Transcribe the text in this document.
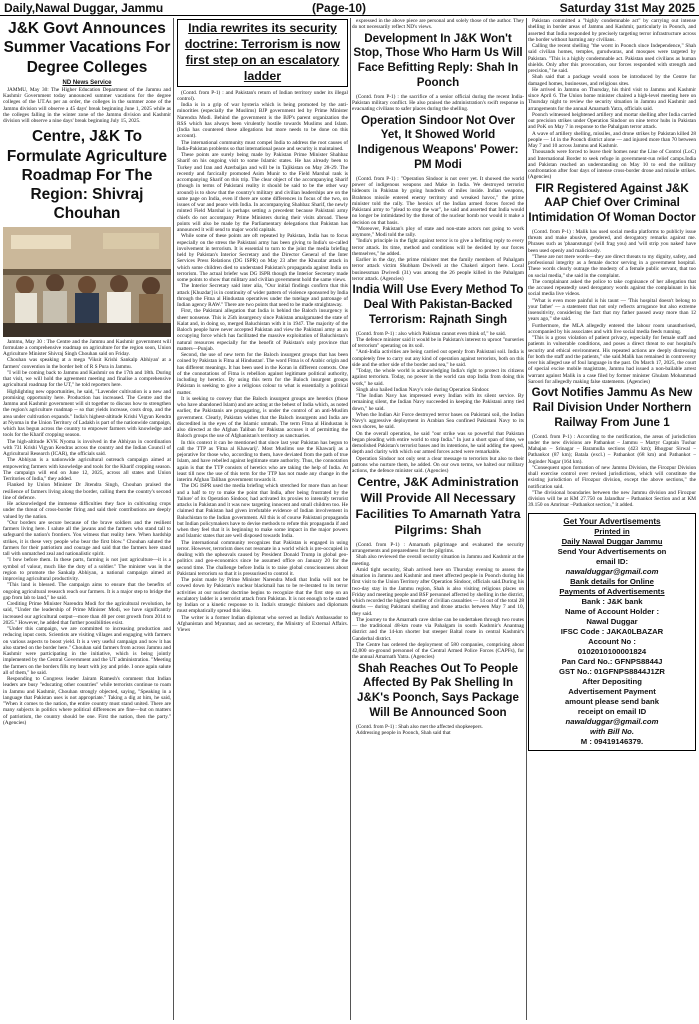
Daily,Nawal Duggar, Jammu	(Page-10)	Saturday 31st May 2025
J&K Govt Announces Summer Vacations For Degree Colleges
ND News Service

JAMMU, May 30: The Higher Education Department of the Jammu and Kashmir Government today announced summer vacations for the degree colleges of the UT.As per an order, the colleges in the summer zone of the Jammu division will observe a 45 days' break beginning June 1, 2025 while as the colleges falling in the winter zone of the Jammu division and Kashmir division will observe a nine days' break beginning July 15, 2025.

Centre, J&K To Formulate Agriculture Roadmap For The Region: Shivraj Chouhan

Jammu, May 30 : The Centre and the Jammu and Kashmir government will formulate a comprehensive roadmap on agriculture for the region soon, Union Agriculture Minister Shivraj Singh Chouhan said on Friday.

Chouhan was speaking at a mega 'Viksit Krishi Sankalp Abhiyan' at a farmers' convention in the border belt of R S Pura in Jammu.

"I will be coming back to Jammu and Kashmir on the 17th and 18th. During that visit, we will hold the agreement meeting and finalise a comprehensive agricultural roadmap for the UT," he told reporters here.

Highlighting new opportunities, he said, "Lavender cultivation is a new and promising opportunity here. Production has increased. The Centre and the Jammu and Kashmir government will sit together to discuss how to strengthen the region's agriculture roadmap -- so that yields increase, costs drop, and the area under cultivation expands." India's highest-altitude Krishi Vigyan Kendra at Nyoma in the Union Territory of Ladakh is part of the nationwide campaign, which has begun across the country to empower farmers with knowledge and tools for the Kharif cropping season.

The high-altitude KVK Nyoma is involved in the Abhiyan in coordination with 731 Krishi Vigyan Kendras across the country and the Indian Council of Agricultural Research (ICAR), the officials said.

The Abhiyan is a nationwide agricultural outreach campaign aimed at empowering farmers with knowledge and tools for the Kharif cropping season. The campaign will end on June 12, 2025, across all states and Union Territories of India," they added.

Flanked by Union Minister Dr Jitendra Singh, Chouhan praised the resilience of farmers living along the border, calling them the country's second line of defence.

He acknowledged the immense difficulties they face in cultivating crops under the threat of cross-border firing and said their contributions are deeply valued by the nation.

"Our borders are secure because of the brave soldiers and the resilient farmers living here. I salute all the jawans and the farmers who stand tall to safeguard the nation's frontiers. You witness that reality here. When hardship strikes, it is these very people who bear the first blow." Chouhan saluted the farmers for their patriotism and courage and said that the farmers here stand tall with unmatched zeal and nationalistic spirit.

"I bow before them. In these parts, farming is not just agriculture—it is a symbol of valour, much like the duty of a soldier." The minister was in the region to promote the Sankalp Abhiyan, a national campaign aimed at improving agricultural productivity.

"This land is blessed. The campaign aims to ensure that the benefits of ongoing agricultural research reach our farmers. It is a major step to bridge the gap from lab to land," he said.

Crediting Prime Minister Narendra Modi for the agricultural revolution, he said, "Under the leadership of Prime Minister Modi, we have significantly increased our agricultural output—more than 40 per cent growth from 2014 to 2025." However, he added that further possibilities exist.

"Under this campaign, we are committed to increasing production and reducing input costs. Scientists are visiting villages and engaging with farmers on various aspects to boost yield. It is a very useful campaign and now it has also started on the border here." Chouhan said farmers from across Jammu and Kashmir were participating in the initiative, which is being jointly implemented by the Central Government and the UT administration. "Meeting the farmers on the borders fills my heart with joy and pride. I once again salute all of them," he said.

Responding to Congress leader Jairam Ramesh's comment that Indian leaders are busy "educating other countries" while terrorists continue to roam in Jammu and Kashmir, Chouhan strongly objected, saying, "Speaking in a language that Pakistan uses is not appropriate." Taking a dig at him, he said, "When it comes to the nation, the entire country must stand united. There are many subjects in politics where political differences are fine—but on matters of patriotism, the country should be one. First the nation, then the party." (Agencies)

India rewrites its security doctrine: Terrorism is now first step on an escalatory ladder

(Contd. from P-1) : and Pakistan's return of Indian territory under its illegal control).

India is in a grip of war hysteria which is being promoted by the anti-minorities (especially the Muslims) BJP government led by Prime Minister Narendra Modi. Behind the government is the BJP's parent organization the RSS which has always been virulently hostile towards Muslims and Islam. (India has countered these allegations but more needs to be done on this account).

The international community must compel India to address the root causes of India-Pakistan problems so that international peace and security is maintained.

These points are surely being made by Pakistan Prime Minister Shahbaz Sharif on his ongoing visit to some Islamic states. He has already been to Turkey and Iran and Azerbaijan and will be in Tajikistan on May 28-29. The recently and farcically promoted Asim Munir to the Field Marshal rank is accompanying Sharif on this trip. The clear object of the accompanying Sharif (though in terms of Pakistani reality it should be said to be the other way around) is to show that the country's military and civilian leaderships are on the same page on India, even if there are some differences in focus of the two, on issues of war and peace with India. In accompanying Shahbaz Sharif, the newly minted Field Marshal is perhaps setting a precedent because Pakistani army chiefs do not accompany Prime Ministers during their visits abroad. These points will also be made by the Parliamentary delegations that Pakistan has announced it will send to major world capitals.

While some of these points are oft repeated by Pakistan, India has to focus especially on the stress the Pakistani army has been giving to India's so-called involvement in terrorism. It is essential to turn to the joint the media briefing held by Pakistan's Interior Secretary and the Director General of the Inter Services Press Relations (DG ISPR) on May 23 after the Khuzdar attack in which some children died to understand Pakistan's propaganda against India on terrorism. The actual briefer was DG ISPR though the Interior Secretary made some points to show that military and civilian government hold the same views.

The Interior Secretary said inter alia, "Our initial findings confirm that this attack [Khuzdar] is in continuity of wider pattern of violence sponsored by India through the Fitna al Hindustan operatives under the tutelage and patronage of Indian agency RAW." There are two points that need to be made straightaway.

First, the Pakistani allegation that India is behind the Baloch insurgency is sheer nonsense. This is 25th insurgency since Pakistan amalgamated the state of Kalat and, in doing so, merged Baluchistan with it in 1947. The majority of the Baloch people have never accepted Pakistan and view the Pakistani army as an occupying force which has facilitated the massive exploitation of Baluchistan's natural resources especially for the benefit of Pakistan's only province that matters—Punjab.

Second, the use of new term for the Baloch insurgent groups that has been coined by Pakistan is Fitna al Hindustan'. The word Fitna is of Arabic origin and has different meanings. It has been used in the Koran in different contexts. One of the connotations of Fitna is rebellion against legitimate political authority, including by heretics. By using this term for the Baloch insurgent groups Pakistan is seeking to give a religious colour to what is essentially a political matter.

It is seeking to convey that the Baloch insurgent groups are heretics (those who have abandoned Islam) and are acting at the behest of India which, as noted earlier, the Pakistanis are propagating, is under the control of an anti-Muslim government. Clearly, Pakistan wishes that the Baloch insurgents and India are discredited in the eyes of the Islamic ummah. The term Fitna al Hindustan is also directed at the Afghan Taliban for Pakistan accuses it of permitting the Baloch groups the use of Afghanistan's territory as sanctuaries.

In this context it can be mentioned that since last year Pakistan has begun to call the TTP as 'Fitna al Khawarij'. Most Muslims use the Khawarij as a pejorative for those who, according to them, have deviated from the path of true Islam, and have rebelled against legitimate state authority. Thus, the connotation again is that the TTP consists of heretics who are taking the help of India. At least till now the use of this term for the TTP has not made any change in the interim Afghan Taliban government towards it.

The DG ISPR used the media briefing which stretched for more than an hour and a half to try to make the point that India, after being frustrated by the 'failure' of its Operation Sindoor, had activated its proxies to intensify terrorist attacks in Pakistan and it was now targeting innocent and small children too. He claimed that Pakistan had given irrefutable evidence of Indian involvement in Baluchistan to the Indian government. All this is of course Pakistani propaganda but Indian policymakers have to devise methods to refute this propaganda if and when they feel that it is beginning to make some impact in the major powers and Islamic states that are well disposed towards India.

The international community recognizes that Pakistan is engaged in using terror. However, terrorism does not resonate in a world which is pre-occupied in dealing with the upheavals caused by President Donald Trump in global geo-politics and geo-economics since he assumed office on January 20 for the second time. The challenge before India is to raise global consciousness about Pakistani terrorism so that it is pressurised to control it.

The point made by Prime Minister Narendra Modi that India will not be cowed down by Pakistan's nuclear blackmail has to be re-iterated to its terror activities at our nuclear doctrine begins to recognize that the first step on an escalatory ladder is a terrorist attack from Pakistan. It is not enough to be stated by Indian or a kinetic response to it. India's strategic thinkers and diplomats must emphatically spread this idea.

The writer is a former Indian diplomat who served as India's Ambassador to Afghanistan and Myanmar, and as secretary, the Ministry of External Affairs. Views

expressed in the above piece are personal and solely those of the author. They do not necessarily reflect ND's views.

Development In J&K Won't Stop, Those Who Harm Us Will Face Befitting Reply: Shah In Poonch

(Contd. from P-1) : the sacrifice of a senior official during the recent India-Pakistan military conflict. He also praised the administration's swift response in evacuating civilians to safer places during the shelling.

Operation Sindoor Not Over Yet, It Showed World Indigenous Weapons' Power: PM Modi

(Contd. from P-1) : "Operation Sindoor is not over yet. It showed the world power of indigenous weapons and Make in India. We destroyed terrorist hideouts in Pakistan by going hundreds of miles inside. Indian weapons, Brahmos missile entered enemy territory and wreaked havoc," the prime minister told the rally. The heroics of the Indian armed forces forced the Pakistani army to "plead to stop the war", he said and asserted that India would no longer be intimidated by the threat of the nuclear bomb nor would it make a decision on that basis.

"Moreover, Pakistan's ploy of state and non-state actors not going to work anymore," Modi told the rally.

"India's principle in the fight against terror is to give a befitting reply to every terror attack. Its time, method and conditions will be decided by our forces themselves," he added.

Earlier in the day, the prime minister met the family members of Pahalgam terror attack victim Shubham Dwivedi at the Chakeri airport here. Local businessman Dwivedi (31) was among the 26 people killed in the Pahalgam terror attack. (Agencies)

India Will Use Every Method To Deal With Pakistan-Backed Terrorism: Rajnath Singh

(Contd. from P-1) : also which Pakistan cannot even think of," he said.

The defence minister said it would be in Pakistan's interest to uproot "nurseries of terrorism" operating on its soil.

"Anti-India activities are being carried out openly from Pakistani soil. India is completely free to carry out any kind of operation against terrorists, both on this side and the other side of the border and sea," he said.

"Today, the whole world is acknowledging India's right to protect its citizens against terrorism. Today, no power in the world can stop India from doing this work," he said.

Singh also hailed Indian Navy's role during Operation Sindoor.

"The Indian Navy has impressed every Indian with its silent service. By remaining silent, the Indian Navy succeeded in keeping the Pakistani army tied down," he said.

When the Indian Air Force destroyed terror bases on Pakistani soil, the Indian Navy's aggressive deployment in Arabian Sea confined Pakistani Navy to its own shores, he said.

On the overall operation, he said "our strike was so powerful that Pakistan began pleading with entire world to stop India." In just a short span of time, we demolished Pakistan's terrorist bases and its intentions, he said adding the speed, depth and clarity with which our armed forces acted were remarkable.

Operation Sindoor not only sent a clear message to terrorists but also to their patrons who nurture them, he added. On our own terms, we halted our military actions, the defence minister said. (Agencies)

Centre, J&K Administration Will Provide All Necessary Facilities To Amarnath Yatra Pilgrims: Shah

(Contd. from P-1) : Amarnath pilgrimage and evaluated the security arrangements and preparedness for the pilgrims.

Shah also reviewed the overall security situation in Jammu and Kashmir at the meeting.

Amid tight security, Shah arrived here on Thursday evening to assess the situation in Jammu and Kashmir and meet affected people in Poonch during his first visit to the Union Territory after Operation Sindoor, officials said.During his two-day stay in the Jammu region, Shah is also visiting religious places on Friday and meeting people and BSF personnel affected by shelling in the district, which recorded the highest number of civilian casualties — 14 out of the total 28 deaths — during Pakistani shelling and drone attacks between May 7 and 10, they said.

The journey to the Amarnath cave shrine can be undertaken through two routes — the traditional 48-km route via Pahalgam in south Kashmir's Anantnag district and the 14-km shorter but steeper Baltal route in central Kashmir's Ganderbal district.

The Centre has ordered the deployment of 580 companies, comprising about 42,000 on-ground personnel of the Central Armed Police Forces (CAPFs), for the annual Amarnath Yatra. (Agencies)

Shah Reaches Out To People Affected By Pak Shelling In J&K's Poonch, Says Package Will Be Announced Soon

(Contd. from P-1) : Shah also met the affected shopkeepers.

Addressing people in Poonch, Shah said that

Pakistan committed a "highly condemnable act" by carrying out intense shelling in border areas of Jammu and Kashmir, particularly in Poonch, and asserted that India responded by precisely targeting terror infrastructure across the border without harming any civilians.

Calling the recent shelling "the worst in Poonch since Independence," Shah said civilian homes, temples, gurudwaras, and mosques were targeted by Pakistan. "This is a highly condemnable act. Pakistan used civilians as human shields. Only after this provocation, our forces responded with strength and precision," he said.

Shah said that a package would soon be introduced by the Centre for damaged homes, businesses, and religious sites.

He arrived in Jammu on Thursday, his third visit to Jammu and Kashmir since April 6. The Union home minister chaired a high-level meeting here on Thursday night to review the security situation in Jammu and Kashmir and arrangements for the annual Amarnath Yatra, officials said.

Poonch witnessed heightened artillery and mortar shelling after India carried out precision strikes under Operation Sindoor on nine terror hubs in Pakistan and PoK on May 7 in response to the Pahalgam terror attack.

A wave of artillery shelling, missiles, and drone strikes by Pakistan killed 28 people — 14 in the Poonch district alone — and injured more than 70 between May 7 and 10 across Jammu and Kashmir.

Thousands were forced to leave their homes near the Line of Control (LoC) and International Border to seek refuge in government-run relief camps.India and Pakistan reached an understanding on May 10 to end the military confrontation after four days of intense cross-border drone and missile strikes. (Agencies)

FIR Registered Against J&K AAP Chief Over Criminal Intimidation Of Woman Doctor

(Contd. from P-1) : Malik has used social media platforms to publicly issue threats and make abusive, gendered, and derogatory remarks against me. Phrases such as 'phaanstunga' (will frag you) and 'will strip you naked' have been used openly and maliciously.

"These are not mere words—they are direct threats to my dignity, safety, and professional integrity as a female doctor serving in a government hospital. These words clearly outrage the modesty of a female public servant, that too on social media," she said in the complaint.

The complainant asked the police to take cognisance of her allegation that the accused repeatedly used derogatory words against the complainant in his social media live videos.

"What is even more painful is his taunt — 'This hospital doesn't belong to your father' — a statement that not only reflects arrogance but also extreme insensitivity, considering the fact that my father passed away more than 12 years ago," she said.

Furthermore, the MLA allegedly entered the labour room unauthorised, accompanied by his associates and with live social media feeds running.

"This is a gross violation of patient privacy, especially for female staff and patients in vulnerable conditions, and poses a direct threat to our hospital's security and ethical environment. His repeated actions are deeply distressing for both the staff and the patients," she said.Malik has remained in controversy over his alleged use of foul language in the past. On March 17, 2025, the court of special excise mobile magistrate, Jammu had issued a non-bailable arrest warrant against Malik in a case filed by former minister Ghulam Mohammad Saroori for allegedly making false statements. (Agencies)

Govt Notifies Jammu As New Rail Division Under Northern Railway From June 1

(Contd. from P-1) : According to the notification, the areas of jurisdiction under the new divisions are Pathankot – Jammu – Martyr Captain Tushar Mahajan – Srinagar – Baramulla sections (423 km); Bhogpur Sirwal – Pathankot (87 km); Batala (excl.) – Pathankot (68 km) and Pathankot – Joginder Nagar (164 km).

"Consequent upon formation of new Jammu Division, the Firozpur Division shall exercise control over revised jurisdictions, which will constitute the existing jurisdiction of Firozpur division, except the above sections," the notification said.

"The divisional boundaries between the new Jammu division and Firozpur division will be at KM 27.750 on Jalandhar – Pathankot Section and at KM 39.150 on Amritsar –Pathankot section," it added.

Get Your Advertisements
Printed in
Daily Nawal Duggar Jammu
Send Your Advertisements on
email ID:
nawalduggar@gmail.com
Bank details for Online
Payments of Advertisements
Bank : J&K bank
Name of Account Holder :
Nawal Duggar
IFSC Code : JAKA0LBAZAR
Account No :
0102010100001824
Pan Card No.: GFNPS8844J
GST No.: 01GFNPS8844J1ZR
After Depositing
Advertisement Payment
amount please send bank
receipt on email ID
nawalduggar@gmail.com
with Bill No.
M : 09419146379.
